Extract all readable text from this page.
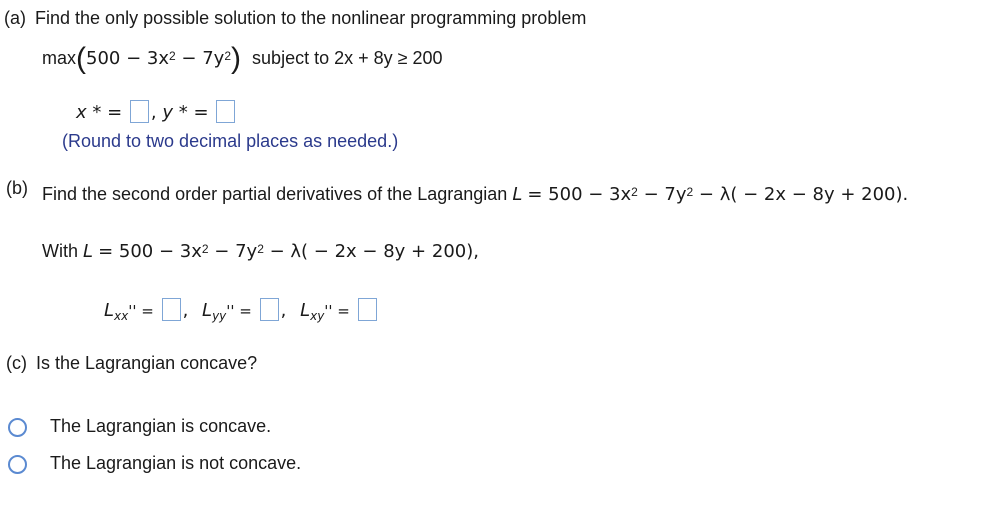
(a) Find the only possible solution to the nonlinear programming problem
$\max(500 - 3x^2 - 7y^2)$ subject to 2x + 8y ≥ 200
x * = , y * =
(Round to two decimal places as needed.)
(b) Find the second order partial derivatives of the Lagrangian $L = 500 - 3x^2 - 7y^2 - \lambda( - 2x - 8y + 200)$.
With $L = 500 - 3x^2 - 7y^2 - \lambda( - 2x - 8y + 200)$,
$L_{xx}''$ = , $L_{yy}''$ = , $L_{xy}''$ =
(c) Is the Lagrangian concave?
The Lagrangian is concave.
The Lagrangian is not concave.
